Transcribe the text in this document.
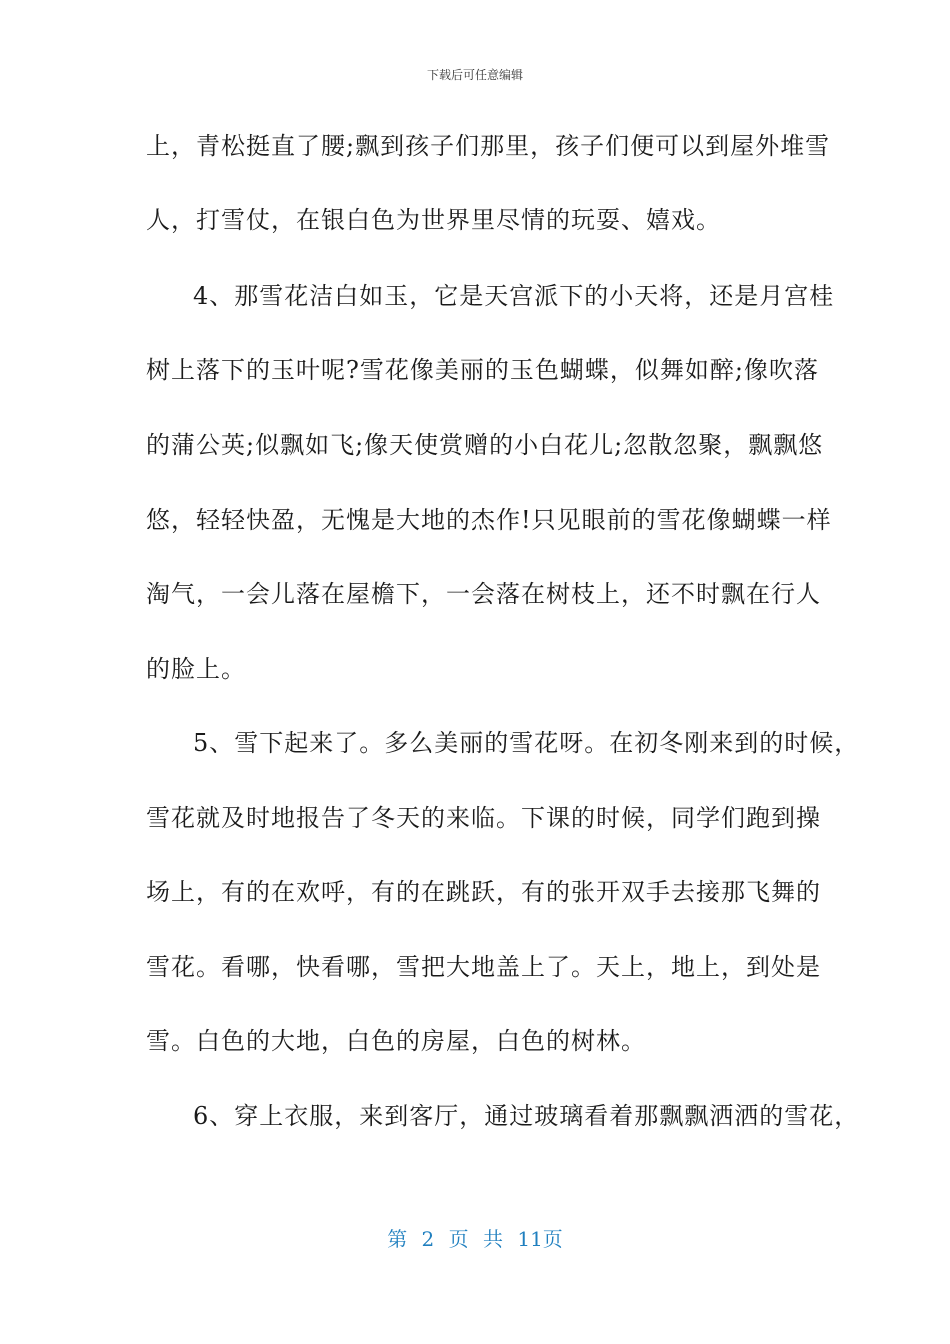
下载后可任意编辑
上，青松挺直了腰;飘到孩子们那里，孩子们便可以到屋外堆雪
人，打雪仗，在银白色为世界里尽情的玩耍、嬉戏。
4、那雪花洁白如玉，它是天宫派下的小天将，还是月宫桂
树上落下的玉叶呢?雪花像美丽的玉色蝴蝶，似舞如醉;像吹落
的蒲公英;似飘如飞;像天使赏赠的小白花儿;忽散忽聚，飘飘悠
悠，轻轻快盈，无愧是大地的杰作!只见眼前的雪花像蝴蝶一样
淘气，一会儿落在屋檐下，一会落在树枝上，还不时飘在行人
的脸上。
5、雪下起来了。多么美丽的雪花呀。在初冬刚来到的时候，
雪花就及时地报告了冬天的来临。下课的时候，同学们跑到操
场上，有的在欢呼，有的在跳跃，有的张开双手去接那飞舞的
雪花。看哪，快看哪，雪把大地盖上了。天上，地上，到处是
雪。白色的大地，白色的房屋，白色的树林。
6、穿上衣服，来到客厅，通过玻璃看着那飘飘洒洒的雪花，
第 2 页 共 11页
